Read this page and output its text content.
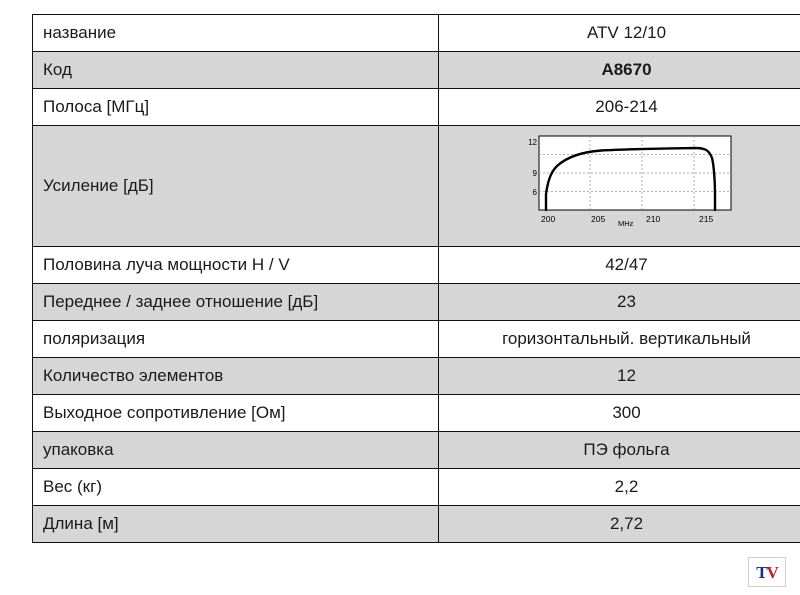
название	ATV 12/10
Код	A8670
Полоса [МГц]	206-214
Усиление [дБ]	
12
9
6
200	205	210	215
MHz

Половина луча мощности H / V	42/47
Переднее / заднее отношение [дБ]	23
поляризация	горизонтальный. вертикальный
Количество элементов	12
Выходное сопротивление [Ом]	300
упаковка	ПЭ фольга
Вес (кг)	2,2
Длина [м]	2,72
TV
